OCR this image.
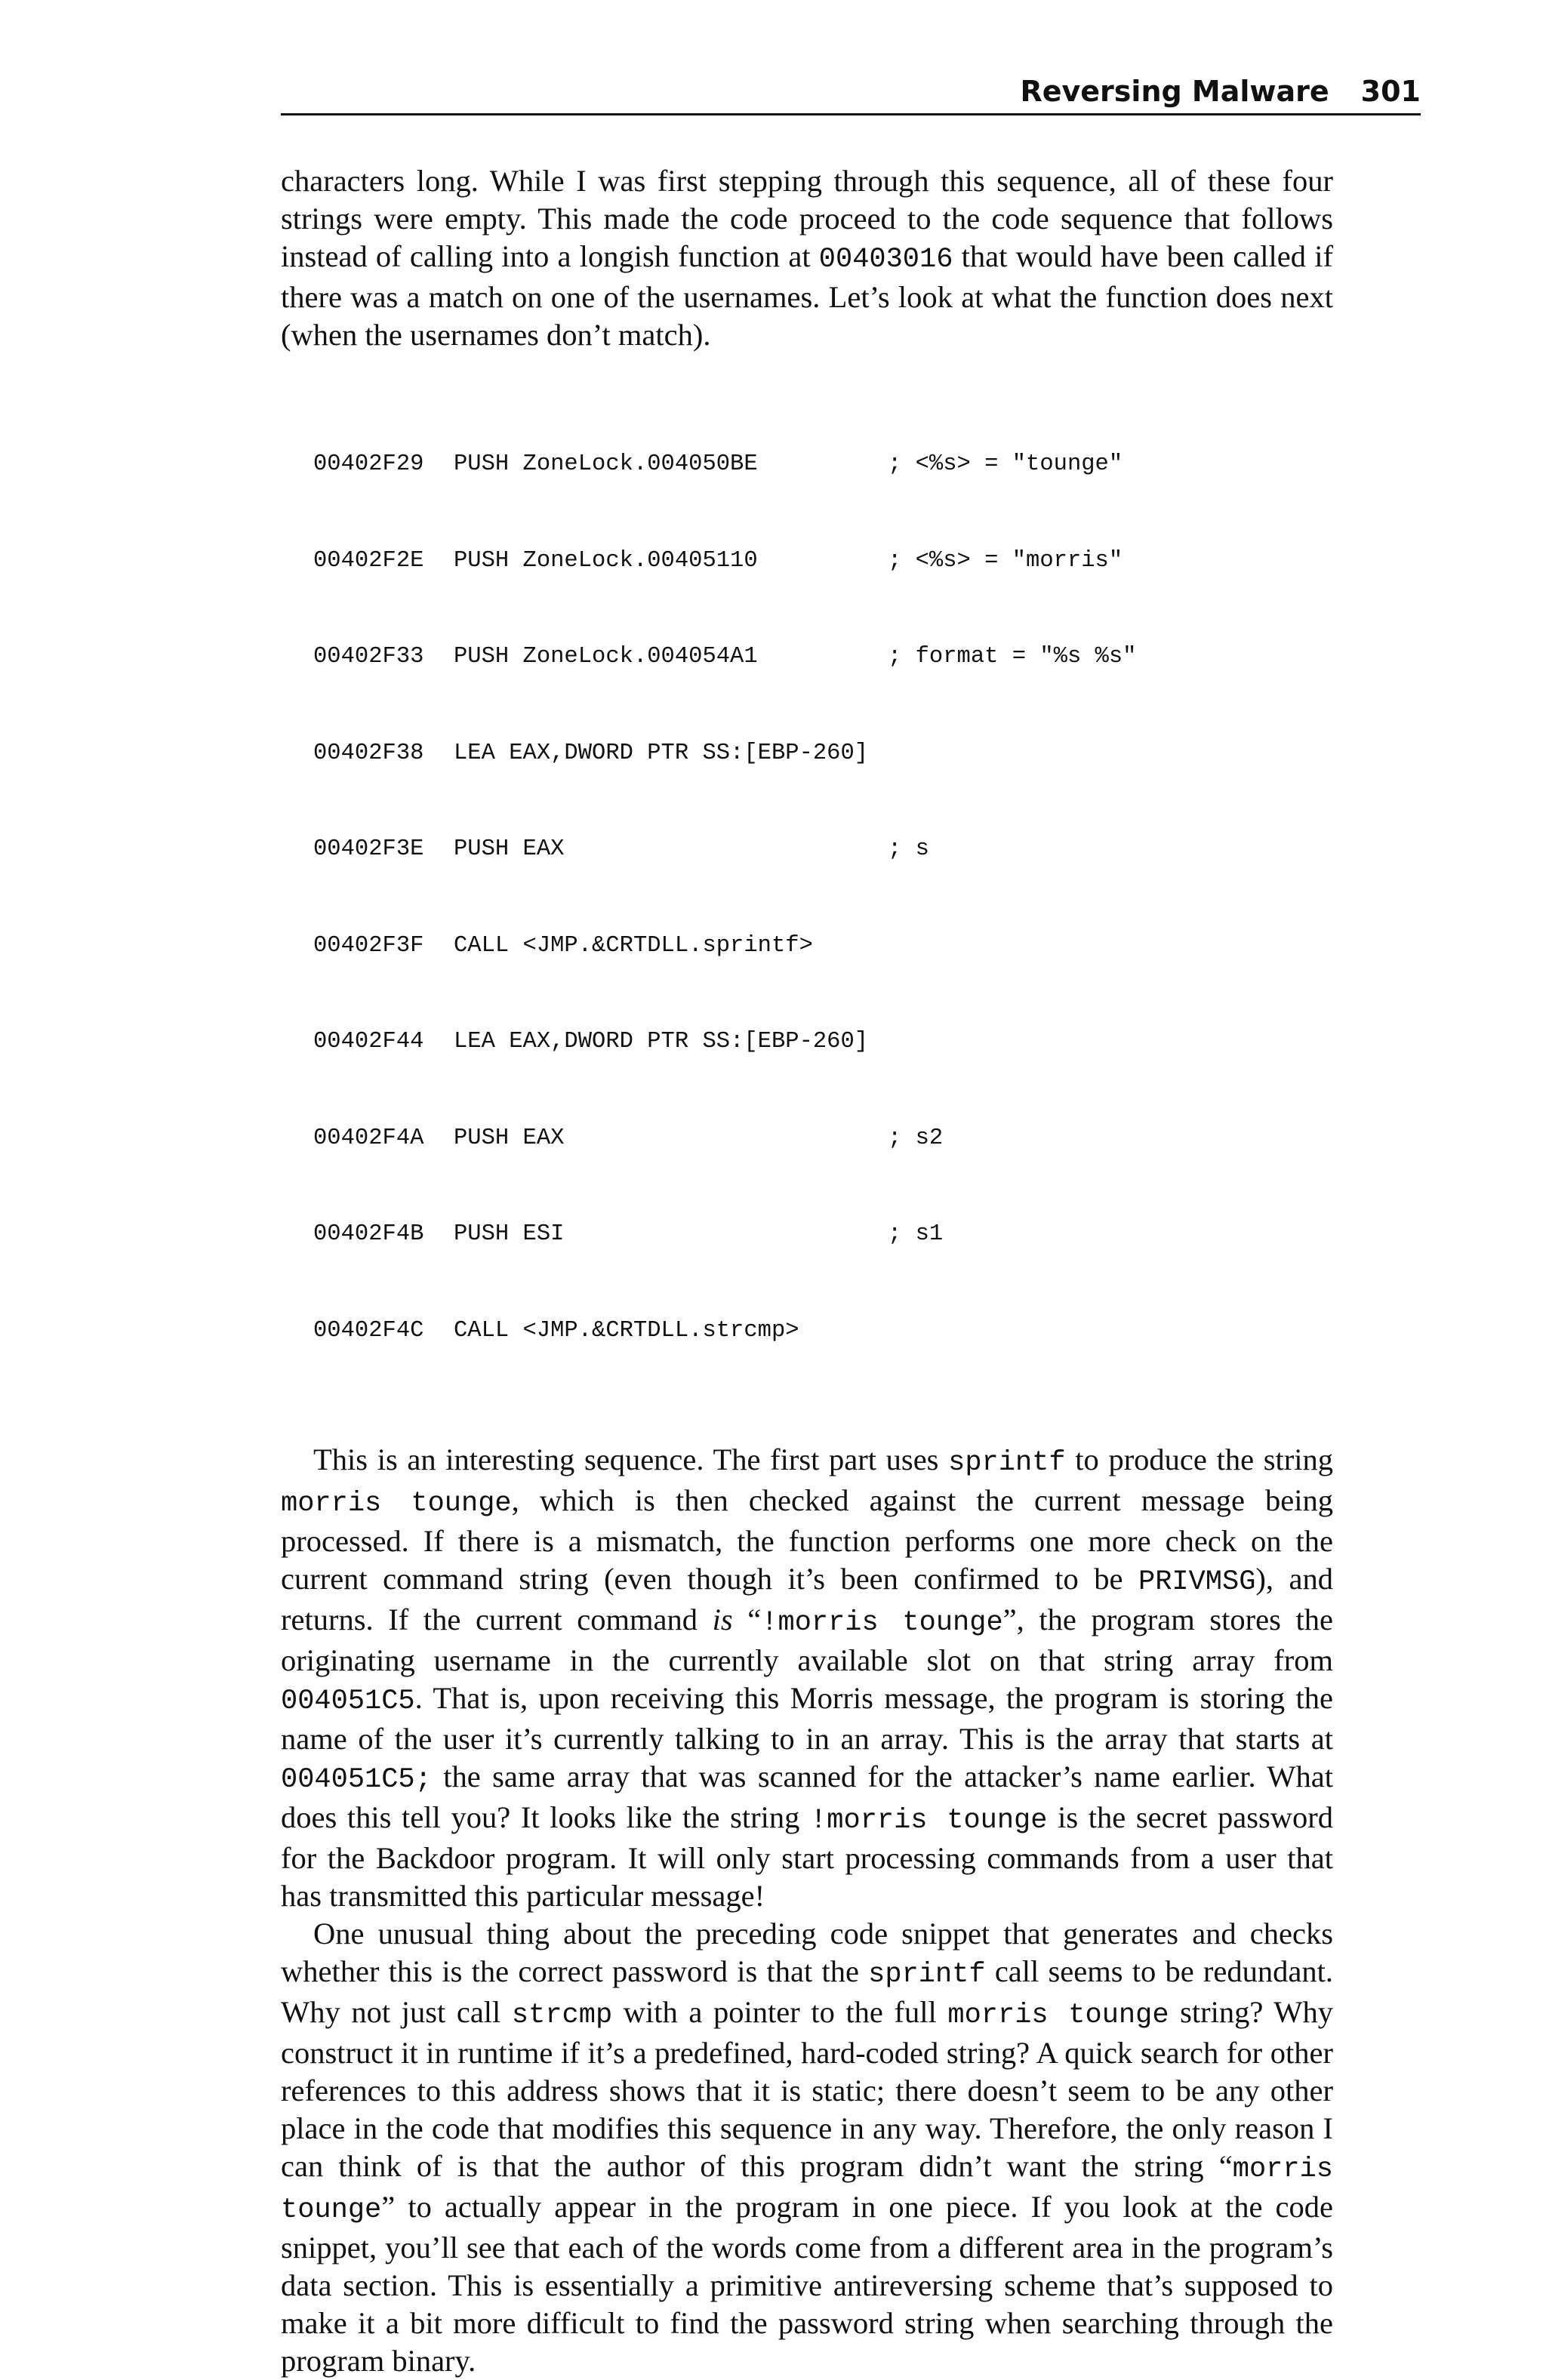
Reversing Malware 301

characters long. While I was first stepping through this sequence, all of these four strings were empty. This made the code proceed to the code sequence that follows instead of calling into a longish function at 00403016 that would have been called if there was a match on one of the usernames. Let’s look at what the function does next (when the usernames don’t match).

00402F29	PUSH ZoneLock.004050BE	; <%s> = "tounge"

00402F2E	PUSH ZoneLock.00405110	; <%s> = "morris"

00402F33	PUSH ZoneLock.004054A1	; format = "%s %s"

00402F38	LEA EAX,DWORD PTR SS:[EBP-260]

00402F3E	PUSH EAX	; s

00402F3F	CALL <JMP.&CRTDLL.sprintf>

00402F44	LEA EAX,DWORD PTR SS:[EBP-260]

00402F4A	PUSH EAX	; s2

00402F4B	PUSH ESI	; s1

00402F4C	CALL <JMP.&CRTDLL.strcmp>

This is an interesting sequence. The first part uses sprintf to produce the string morris tounge, which is then checked against the current message being processed. If there is a mismatch, the function performs one more check on the current command string (even though it’s been confirmed to be PRIVMSG), and returns. If the current command is “!morris tounge”, the program stores the originating username in the currently available slot on that string array from 004051C5. That is, upon receiving this Morris message, the program is storing the name of the user it’s currently talking to in an array. This is the array that starts at 004051C5; the same array that was scanned for the attacker’s name earlier. What does this tell you? It looks like the string !morris tounge is the secret password for the Backdoor program. It will only start processing commands from a user that has transmitted this particular message!

One unusual thing about the preceding code snippet that generates and checks whether this is the correct password is that the sprintf call seems to be redundant. Why not just call strcmp with a pointer to the full morris tounge string? Why construct it in runtime if it’s a predefined, hard-coded string? A quick search for other references to this address shows that it is static; there doesn’t seem to be any other place in the code that modifies this sequence in any way. Therefore, the only reason I can think of is that the author of this program didn’t want the string “morris tounge” to actually appear in the program in one piece. If you look at the code snippet, you’ll see that each of the words come from a different area in the program’s data section. This is essentially a primitive antireversing scheme that’s supposed to make it a bit more difficult to find the password string when searching through the program binary.
